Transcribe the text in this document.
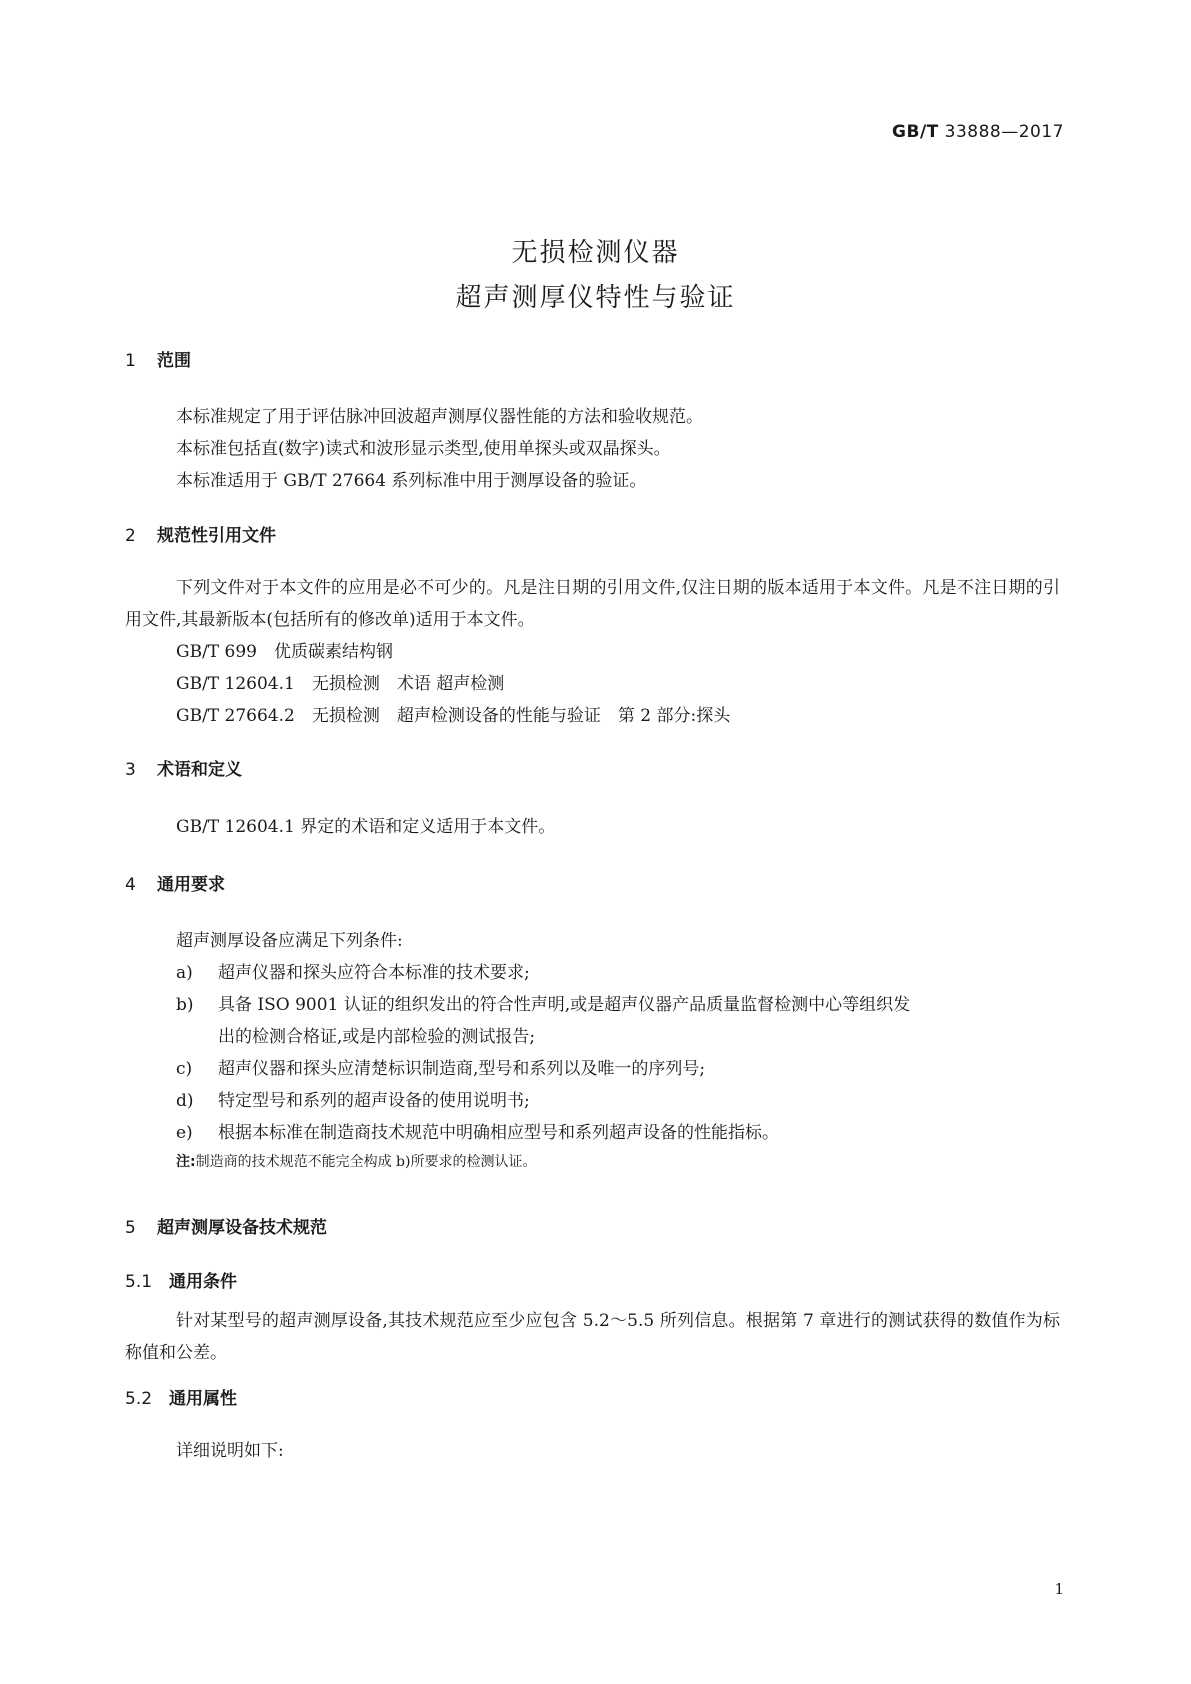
GB/T 33888—2017
无损检测仪器
超声测厚仪特性与验证
1 范围
本标准规定了用于评估脉冲回波超声测厚仪器性能的方法和验收规范。
本标准包括直(数字)读式和波形显示类型,使用单探头或双晶探头。
本标准适用于 GB/T 27664 系列标准中用于测厚设备的验证。
2 规范性引用文件
下列文件对于本文件的应用是必不可少的。凡是注日期的引用文件,仅注日期的版本适用于本文件。凡是不注日期的引用文件,其最新版本(包括所有的修改单)适用于本文件。
GB/T 699　优质碳素结构钢
GB/T 12604.1　无损检测　术语 超声检测
GB/T 27664.2　无损检测　超声检测设备的性能与验证　第 2 部分:探头
3 术语和定义
GB/T 12604.1 界定的术语和定义适用于本文件。
4 通用要求
超声测厚设备应满足下列条件:
a) 超声仪器和探头应符合本标准的技术要求;
b) 具备 ISO 9001 认证的组织发出的符合性声明,或是超声仪器产品质量监督检测中心等组织发
出的检测合格证,或是内部检验的测试报告;
c) 超声仪器和探头应清楚标识制造商,型号和系列以及唯一的序列号;
d) 特定型号和系列的超声设备的使用说明书;
e) 根据本标准在制造商技术规范中明确相应型号和系列超声设备的性能指标。
注:制造商的技术规范不能完全构成 b)所要求的检测认证。
5 超声测厚设备技术规范
5.1 通用条件
针对某型号的超声测厚设备,其技术规范应至少应包含 5.2～5.5 所列信息。根据第 7 章进行的测试获得的数值作为标称值和公差。
5.2 通用属性
详细说明如下:
1
